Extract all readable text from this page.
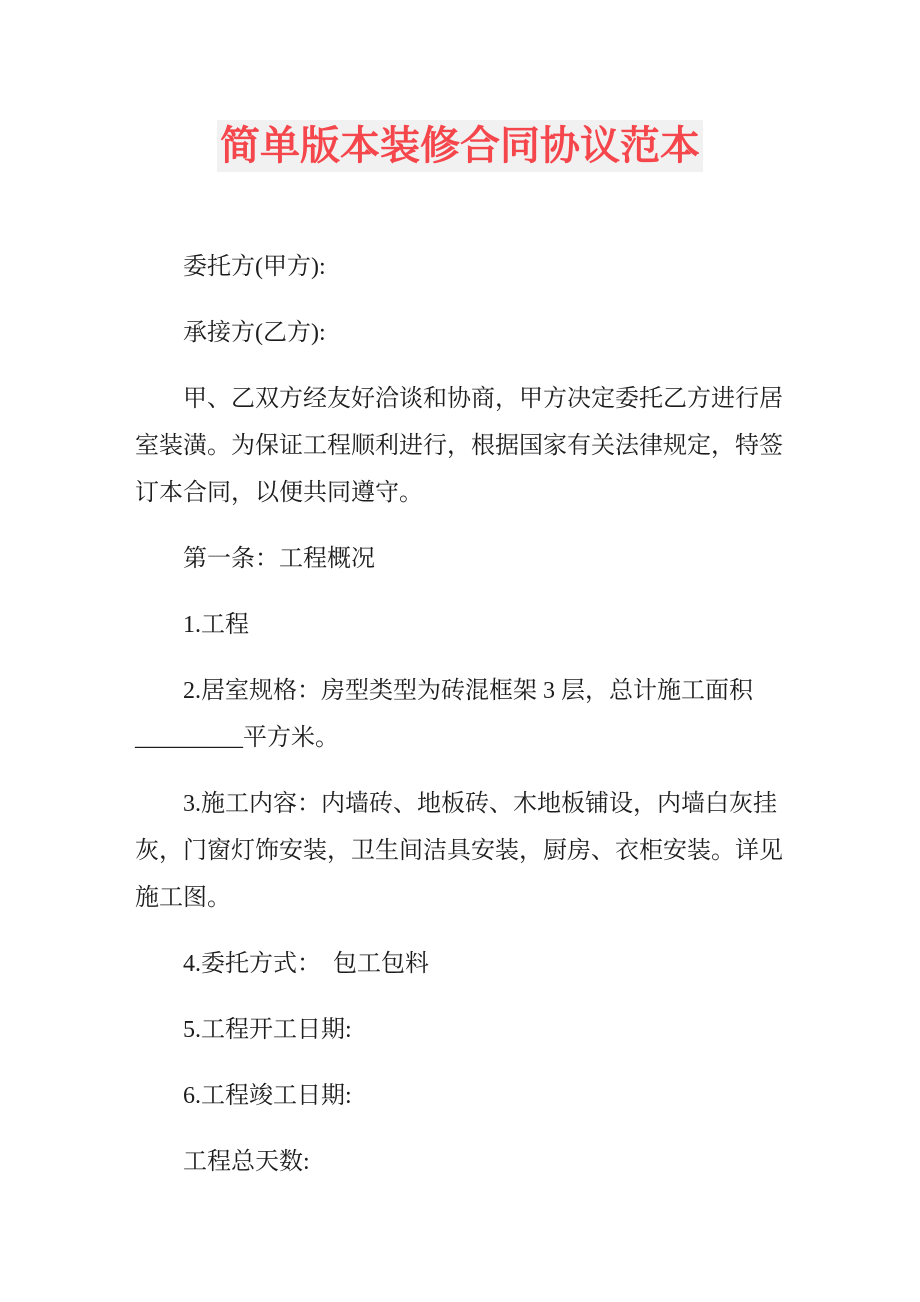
简单版本装修合同协议范本
委托方(甲方):
承接方(乙方):
甲、乙双方经友好洽谈和协商，甲方决定委托乙方进行居
室装潢。为保证工程顺利进行，根据国家有关法律规定，特签
订本合同，以便共同遵守。
第一条：工程概况
1.工程
2.居室规格：房型类型为砖混框架 3 层，总计施工面积
_________平方米。
3.施工内容：内墙砖、地板砖、木地板铺设，内墙白灰挂
灰，门窗灯饰安装，卫生间洁具安装，厨房、衣柜安装。详见
施工图。
4.委托方式：　包工包料
5.工程开工日期:
6.工程竣工日期:
工程总天数:
